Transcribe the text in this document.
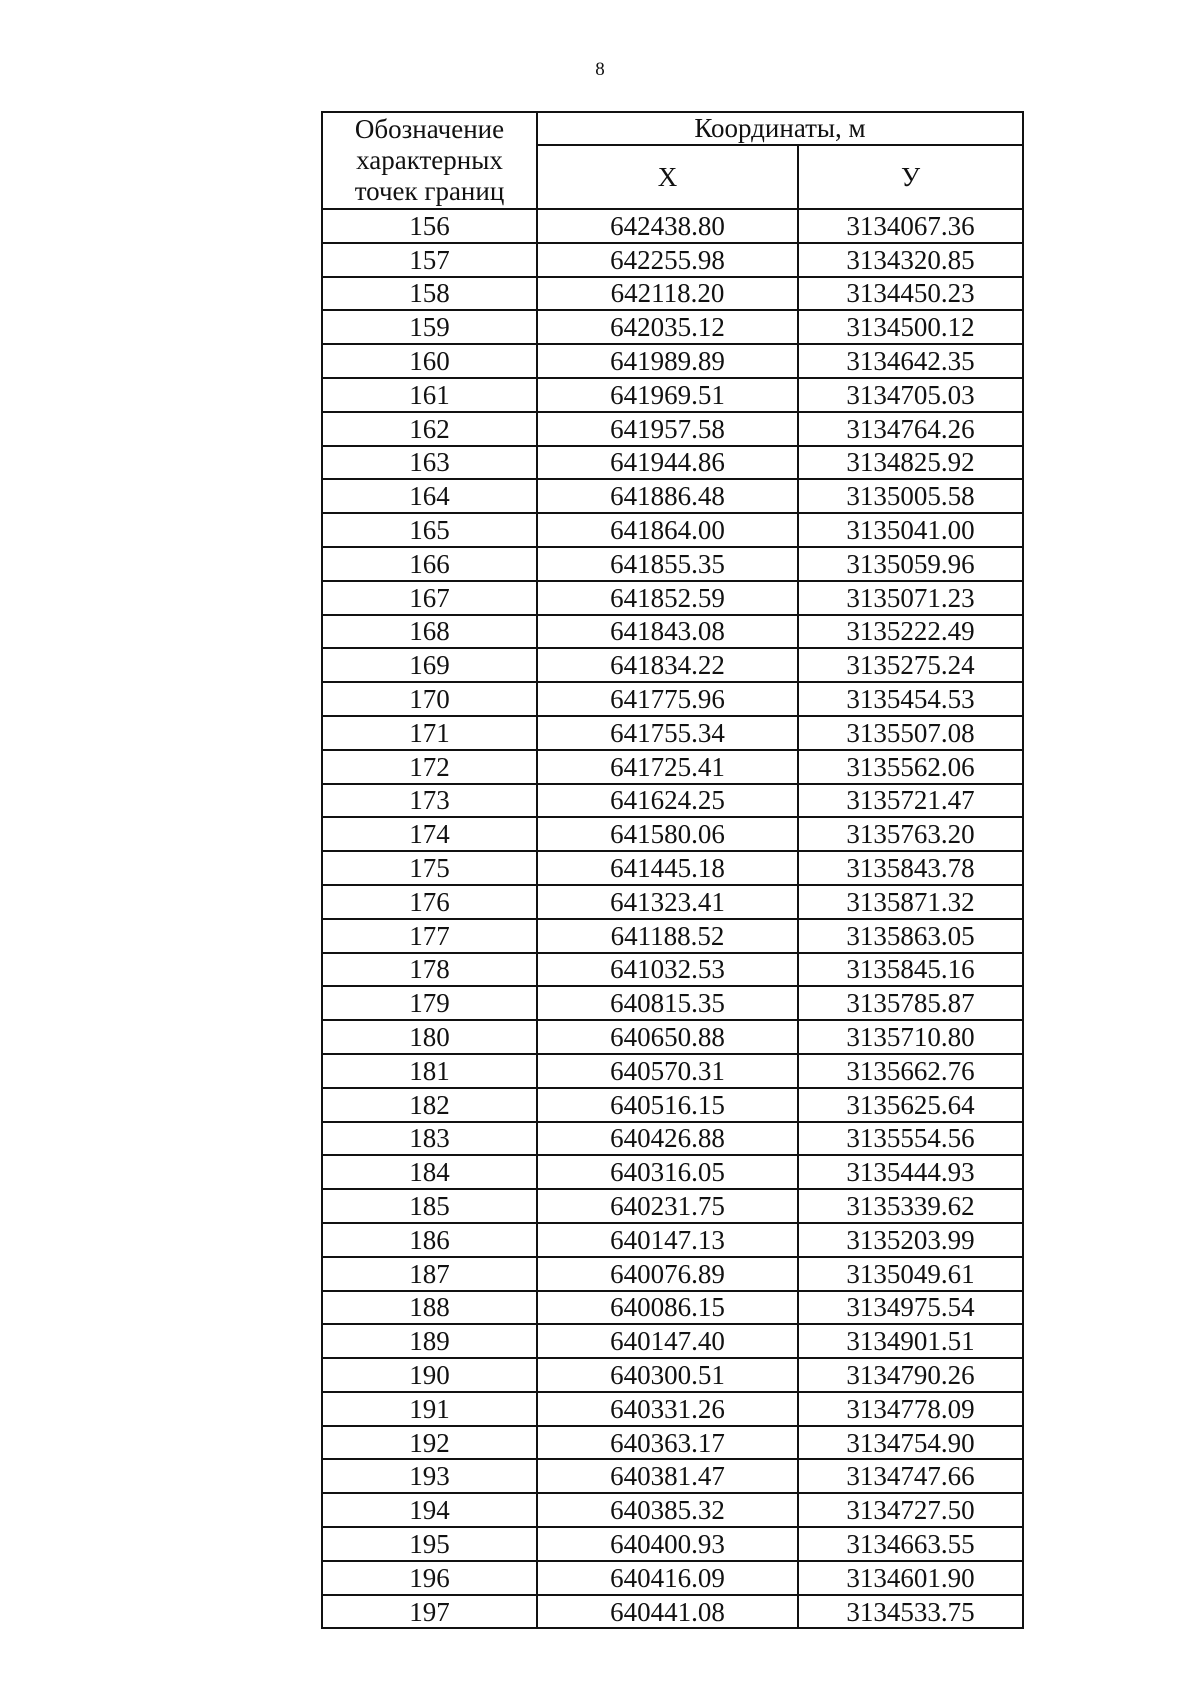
8
Обозначение характерных точек границ	Координаты, м	
	Х	У
156	642438.80	3134067.36
157	642255.98	3134320.85
158	642118.20	3134450.23
159	642035.12	3134500.12
160	641989.89	3134642.35
161	641969.51	3134705.03
162	641957.58	3134764.26
163	641944.86	3134825.92
164	641886.48	3135005.58
165	641864.00	3135041.00
166	641855.35	3135059.96
167	641852.59	3135071.23
168	641843.08	3135222.49
169	641834.22	3135275.24
170	641775.96	3135454.53
171	641755.34	3135507.08
172	641725.41	3135562.06
173	641624.25	3135721.47
174	641580.06	3135763.20
175	641445.18	3135843.78
176	641323.41	3135871.32
177	641188.52	3135863.05
178	641032.53	3135845.16
179	640815.35	3135785.87
180	640650.88	3135710.80
181	640570.31	3135662.76
182	640516.15	3135625.64
183	640426.88	3135554.56
184	640316.05	3135444.93
185	640231.75	3135339.62
186	640147.13	3135203.99
187	640076.89	3135049.61
188	640086.15	3134975.54
189	640147.40	3134901.51
190	640300.51	3134790.26
191	640331.26	3134778.09
192	640363.17	3134754.90
193	640381.47	3134747.66
194	640385.32	3134727.50
195	640400.93	3134663.55
196	640416.09	3134601.90
197	640441.08	3134533.75
